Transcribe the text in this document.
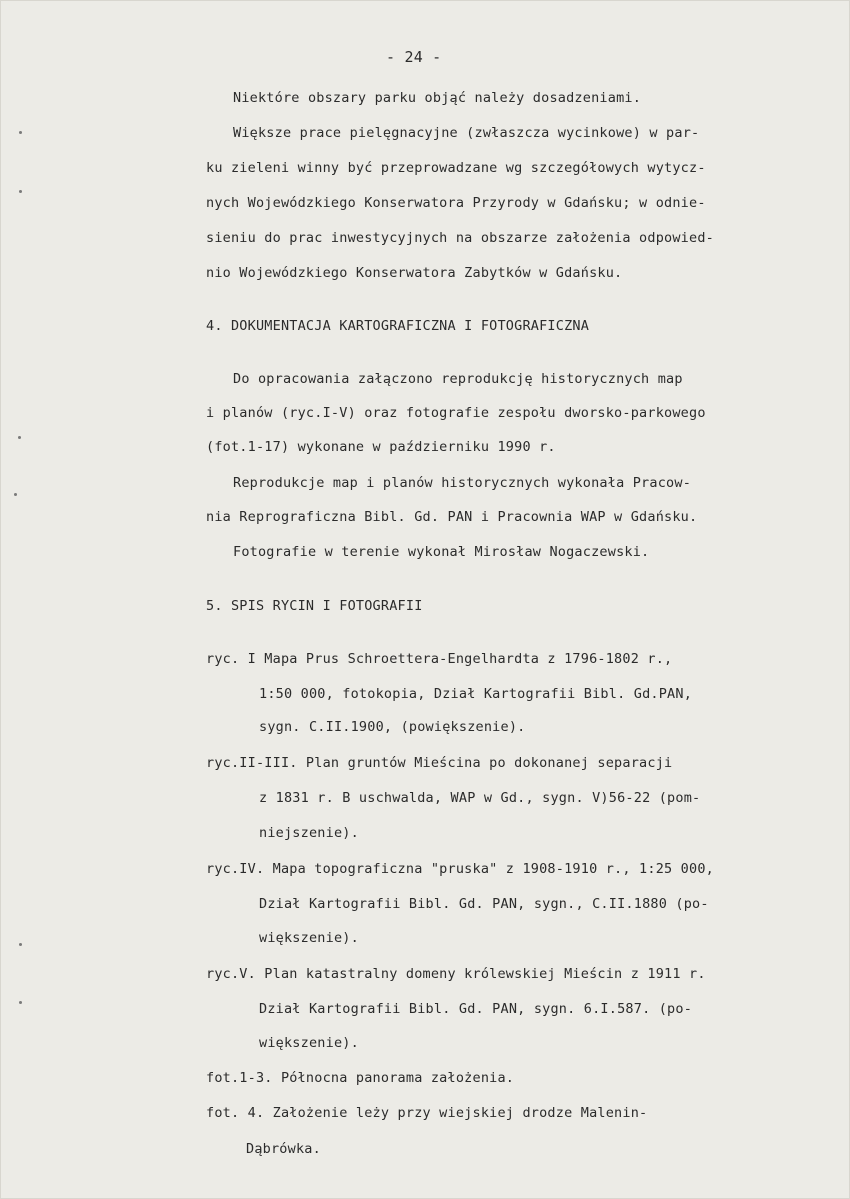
- 24 -
Niektóre obszary parku objąć należy dosadzeniami.
Większe prace pielęgnacyjne (zwłaszcza wycinkowe) w par-
ku zieleni winny być przeprowadzane wg szczegółowych wytycz-
nych Wojewódzkiego Konserwatora Przyrody w Gdańsku; w odnie-
sieniu do prac inwestycyjnych na obszarze założenia odpowied-
nio Wojewódzkiego Konserwatora Zabytków w Gdańsku.
4. DOKUMENTACJA KARTOGRAFICZNA I FOTOGRAFICZNA
Do opracowania załączono reprodukcję historycznych map
i planów (ryc.I-V) oraz fotografie zespołu dworsko-parkowego
(fot.1-17) wykonane w październiku 1990 r.
Reprodukcje map i planów historycznych wykonała Pracow-
nia Reprograficzna Bibl. Gd. PAN i Pracownia WAP w Gdańsku.
Fotografie w terenie wykonał Mirosław Nogaczewski.
5. SPIS RYCIN I FOTOGRAFII
ryc. I Mapa Prus Schroettera-Engelhardta z 1796-1802 r.,
1:50 000, fotokopia, Dział Kartografii Bibl. Gd.PAN,
sygn. C.II.1900, (powiększenie).
ryc.II-III. Plan gruntów Mieścina po dokonanej separacji
z 1831 r. B uschwalda, WAP w Gd., sygn. V)56-22 (pom-
niejszenie).
ryc.IV. Mapa topograficzna "pruska" z 1908-1910 r., 1:25 000,
Dział Kartografii Bibl. Gd. PAN, sygn., C.II.1880 (po-
większenie).
ryc.V. Plan katastralny domeny królewskiej Mieścin z 1911 r.
Dział Kartografii Bibl. Gd. PAN, sygn. 6.I.587. (po-
większenie).
fot.1-3. Północna panorama założenia.
fot. 4. Założenie leży przy wiejskiej drodze Malenin-
Dąbrówka.
